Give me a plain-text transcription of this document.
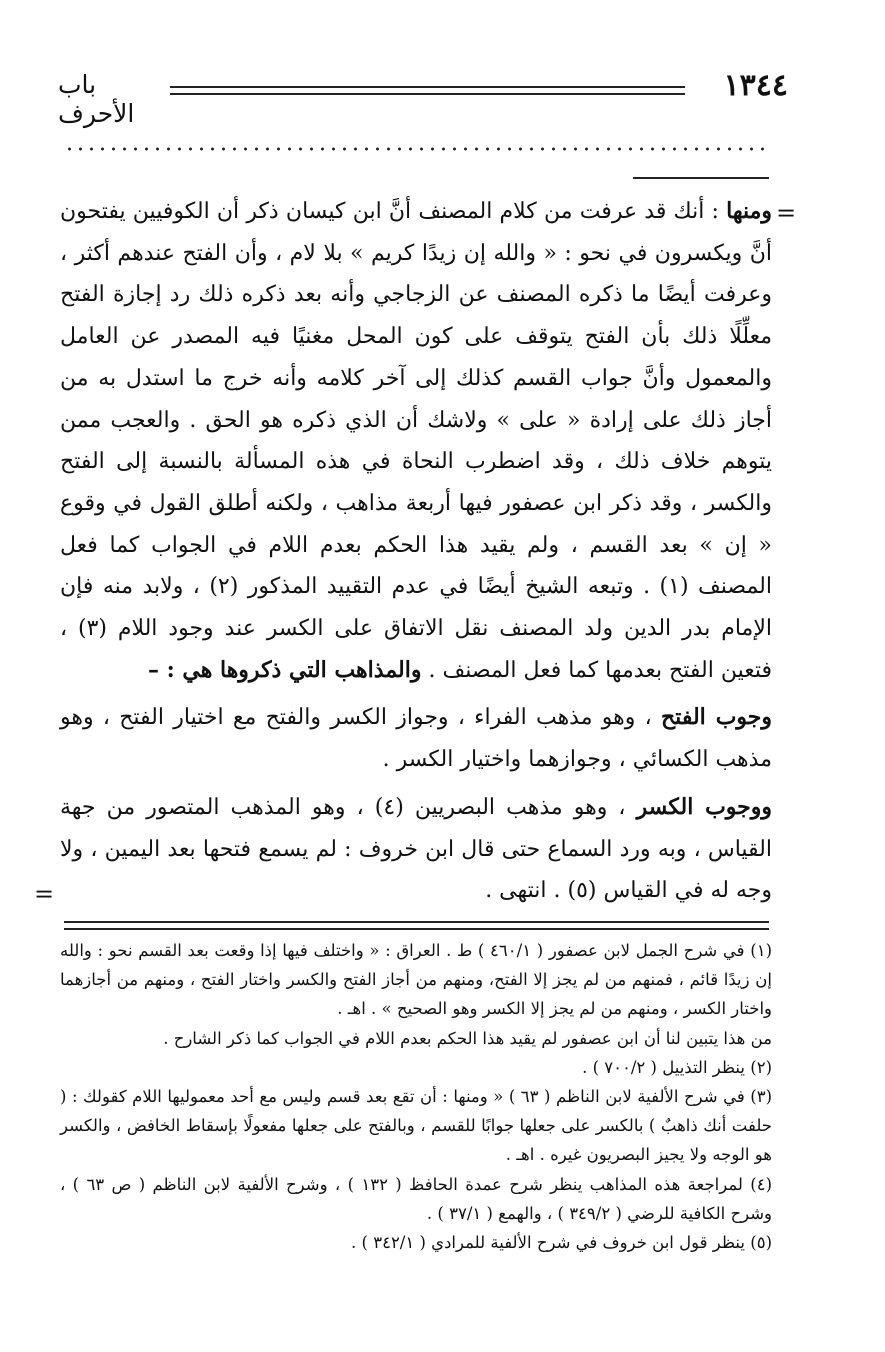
١٣٤٤
باب الأحرف
=
=

ومنها : أنك قد عرفت من كلام المصنف أنَّ ابن كيسان ذكر أن الكوفيين يفتحون أنَّ ويكسرون في نحو : « والله إن زيدًا كريم » بلا لام ، وأن الفتح عندهم أكثر ، وعرفت أيضًا ما ذكره المصنف عن الزجاجي وأنه بعد ذكره ذلك رد إجازة الفتح معلِّلًا ذلك بأن الفتح يتوقف على كون المحل مغنيًا فيه المصدر عن العامل والمعمول وأنَّ جواب القسم كذلك إلى آخر كلامه وأنه خرج ما استدل به من أجاز ذلك على إرادة « على » ولاشك أن الذي ذكره هو الحق . والعجب ممن يتوهم خلاف ذلك ، وقد اضطرب النحاة في هذه المسألة بالنسبة إلى الفتح والكسر ، وقد ذكر ابن عصفور فيها أربعة مذاهب ، ولكنه أطلق القول في وقوع « إن » بعد القسم ، ولم يقيد هذا الحكم بعدم اللام في الجواب كما فعل المصنف (١) . وتبعه الشيخ أيضًا في عدم التقييد المذكور (٢) ، ولابد منه فإن الإمام بدر الدين ولد المصنف نقل الاتفاق على الكسر عند وجود اللام (٣) ، فتعين الفتح بعدمها كما فعل المصنف . والمذاهب التي ذكروها هي : –

وجوب الفتح ، وهو مذهب الفراء ، وجواز الكسر والفتح مع اختيار الفتح ، وهو مذهب الكسائي ، وجوازهما واختيار الكسر .

ووجوب الكسر ، وهو مذهب البصريين (٤) ، وهو المذهب المتصور من جهة القياس ، وبه ورد السماع حتى قال ابن خروف : لم يسمع فتحها بعد اليمين ، ولا وجه له في القياس (٥) . انتهى .

(١) في شرح الجمل لابن عصفور ( ٤٦٠/١ ) ط . العراق : « واختلف فيها إذا وقعت بعد القسم نحو : والله إن زيدًا قائم ، فمنهم من لم يجز إلا الفتح، ومنهم من أجاز الفتح والكسر واختار الفتح ، ومنهم من أجازهما واختار الكسر ، ومنهم من لم يجز إلا الكسر وهو الصحيح » . اهـ .

من هذا يتبين لنا أن ابن عصفور لم يقيد هذا الحكم بعدم اللام في الجواب كما ذكر الشارح .

(٢) ينظر التذييل ( ٧٠٠/٢ ) .

(٣) في شرح الألفية لابن الناظم ( ٦٣ ) « ومنها : أن تقع بعد قسم وليس مع أحد معموليها اللام كقولك : ( حلفت أنك ذاهبٌ ) بالكسر على جعلها جوابًا للقسم ، وبالفتح على جعلها مفعولًا بإسقاط الخافض ، والكسر هو الوجه ولا يجيز البصريون غيره . اهـ .

(٤) لمراجعة هذه المذاهب ينظر شرح عمدة الحافظ ( ١٣٢ ) ، وشرح الألفية لابن الناظم ( ص ٦٣ ) ، وشرح الكافية للرضي ( ٣٤٩/٢ ) ، والهمع ( ٣٧/١ ) .

(٥) ينظر قول ابن خروف في شرح الألفية للمرادي ( ٣٤٢/١ ) .
